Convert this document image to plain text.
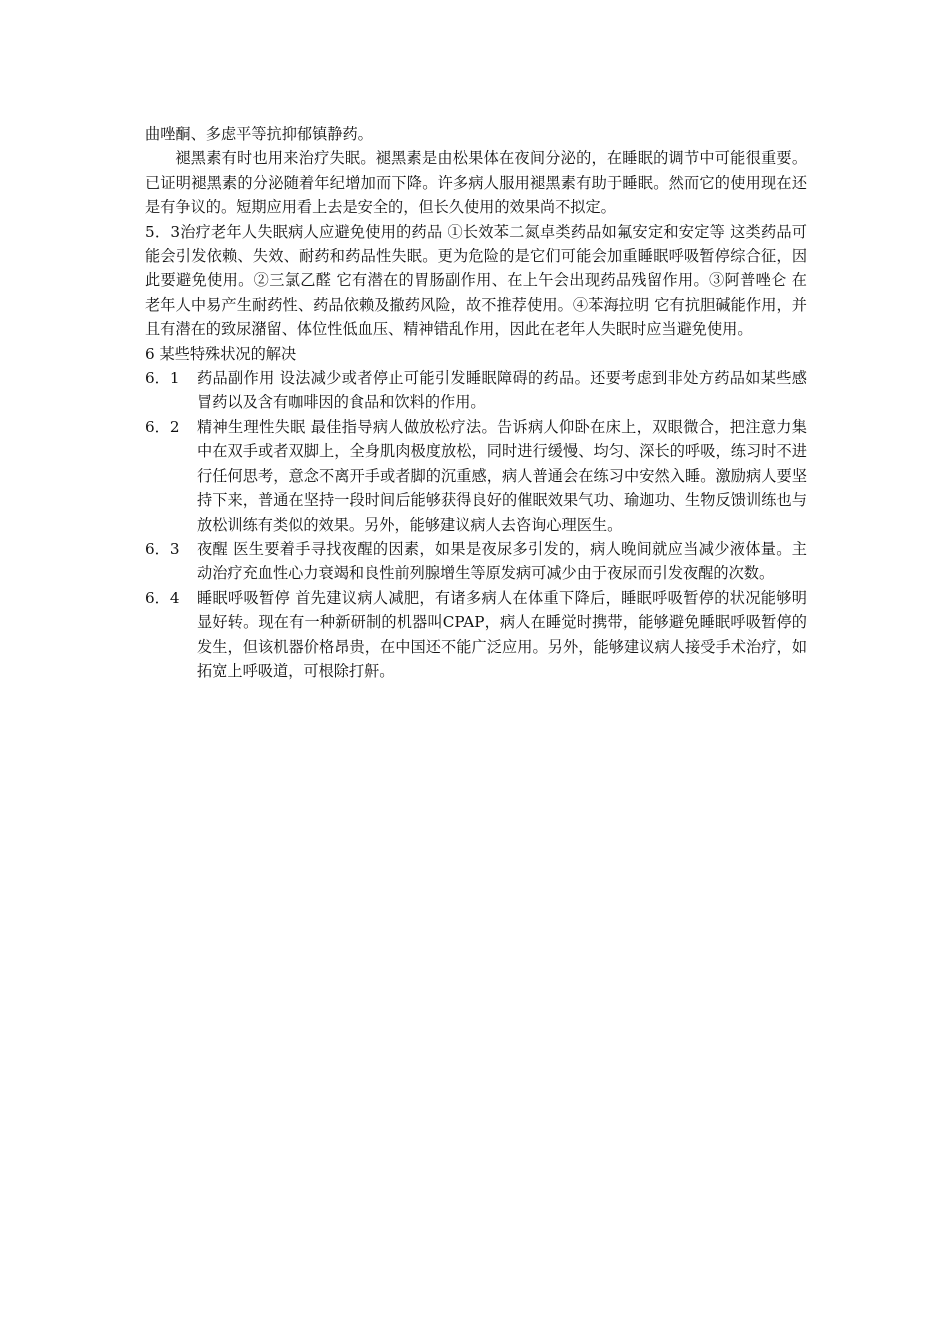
曲唑酮、多虑平等抗抑郁镇静药。

褪黑素有时也用来治疗失眠。褪黑素是由松果体在夜间分泌的，在睡眠的调节中可能很重要。已证明褪黑素的分泌随着年纪增加而下降。许多病人服用褪黑素有助于睡眠。然而它的使用现在还是有争议的。短期应用看上去是安全的，但长久使用的效果尚不拟定。

5．3治疗老年人失眠病人应避免使用的药品 ①长效苯二氮卓类药品如氟安定和安定等 这类药品可能会引发依赖、失效、耐药和药品性失眠。更为危险的是它们可能会加重睡眠呼吸暂停综合征，因此要避免使用。②三氯乙醛 它有潜在的胃肠副作用、在上午会出现药品残留作用。③阿普唑仑 在老年人中易产生耐药性、药品依赖及撤药风险，故不推荐使用。④苯海拉明 它有抗胆碱能作用，并且有潜在的致尿潴留、体位性低血压、精神错乱作用，因此在老年人失眠时应当避免使用。

6 某些特殊状况的解决

6．1	药品副作用 设法减少或者停止可能引发睡眠障碍的药品。还要考虑到非处方药品如某些感冒药以及含有咖啡因的食品和饮料的作用。
6．2	精神生理性失眠 最佳指导病人做放松疗法。告诉病人仰卧在床上，双眼微合，把注意力集中在双手或者双脚上，全身肌肉极度放松，同时进行缓慢、均匀、深长的呼吸，练习时不进行任何思考，意念不离开手或者脚的沉重感，病人普通会在练习中安然入睡。激励病人要坚持下来，普通在坚持一段时间后能够获得良好的催眠效果气功、瑜迦功、生物反馈训练也与放松训练有类似的效果。另外，能够建议病人去咨询心理医生。
6．3	夜醒 医生要着手寻找夜醒的因素，如果是夜尿多引发的，病人晚间就应当减少液体量。主动治疗充血性心力衰竭和良性前列腺增生等原发病可减少由于夜尿而引发夜醒的次数。
6．4	睡眠呼吸暂停 首先建议病人减肥，有诸多病人在体重下降后，睡眠呼吸暂停的状况能够明显好转。现在有一种新研制的机器叫CPAP，病人在睡觉时携带，能够避免睡眠呼吸暂停的发生，但该机器价格昂贵，在中国还不能广泛应用。另外，能够建议病人接受手术治疗，如拓宽上呼吸道，可根除打鼾。
